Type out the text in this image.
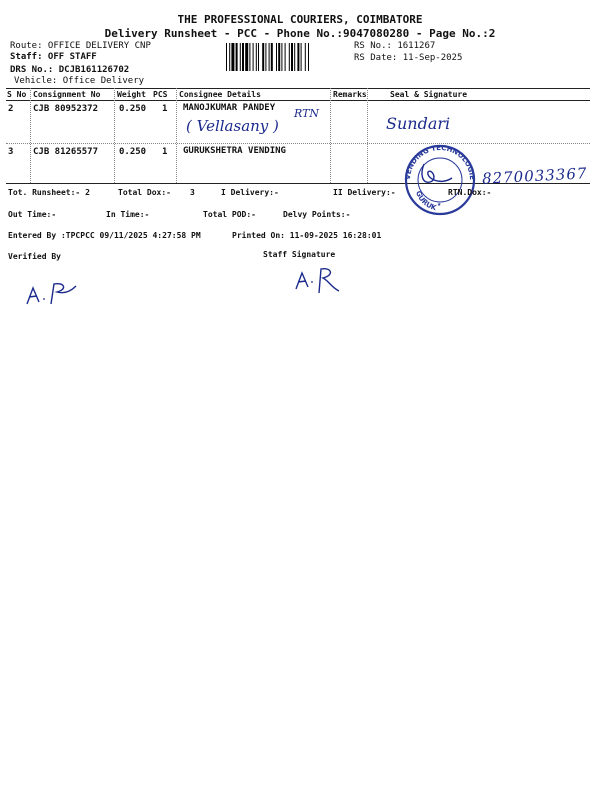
THE PROFESSIONAL COURIERS, COIMBATORE
Delivery Runsheet - PCC - Phone No.:9047080280 - Page No.:2
Route: OFFICE DELIVERY CNP
Staff: OFF STAFF
DRS No.: DCJB161126702
Vehicle: Office Delivery
RS No.: 1611267
RS Date: 11-Sep-2025
S No Consignment No Weight PCS Consignee Details	Remarks	Seal & Signature
2 CJB 80952372 0.250 1 MANOJKUMAR PANDEY
( Vellasany )
RTN
Sundari
3 CJB 81265577 0.250 1 GURUKSHETRA VENDING
VENDING TECHNOLOGIES PVT LTD
GURUK ★
8270033367
Tot. Runsheet:- 2	Total Dox:- 3	I Delivery:-	II Delivery:-	RTN.Dox:-
Out Time:-	In Time:-	Total POD:-	Delvy Points:-
Entered By :TPCPCC 09/11/2025 4:27:58 PM	Printed On: 11-09-2025 16:28:01
Verified By	Staff Signature
